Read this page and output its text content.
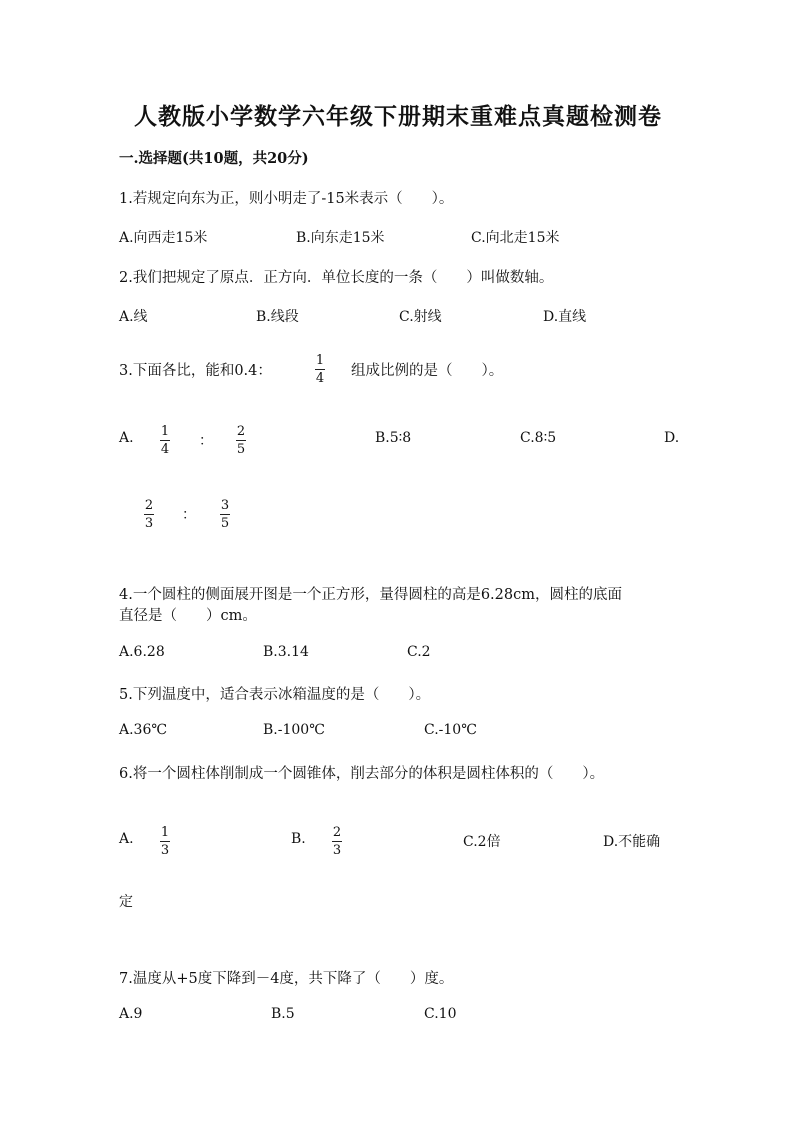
人教版小学数学六年级下册期末重难点真题检测卷
一.选择题(共10题，共20分)
1.若规定向东为正，则小明走了-15米表示（　　）。
A.向西走15米	B.向东走15米	C.向北走15米
2.我们把规定了原点．正方向．单位长度的一条（　　）叫做数轴。
A.线	B.线段	C.射线	D.直线
3.下面各比，能和0.4：
1
4 组成比例的是（　　）。
A. 1
4
：
2
5
B.5∶8	C.8∶5	D.
2
3
：
3
5
4.一个圆柱的侧面展开图是一个正方形，量得圆柱的高是6.28cm，圆柱的底面
直径是（　　）cm。
A.6.28	B.3.14	C.2
5.下列温度中，适合表示冰箱温度的是（　　）。
A.36℃	B.-100℃	C.-10℃
6.将一个圆柱体削制成一个圆锥体，削去部分的体积是圆柱体积的（　　）。
A. 1
3
B. 2
3
C.2倍	D.不能确
定
7.温度从+5度下降到－4度，共下降了（　　）度。
A.9	B.5	C.10
